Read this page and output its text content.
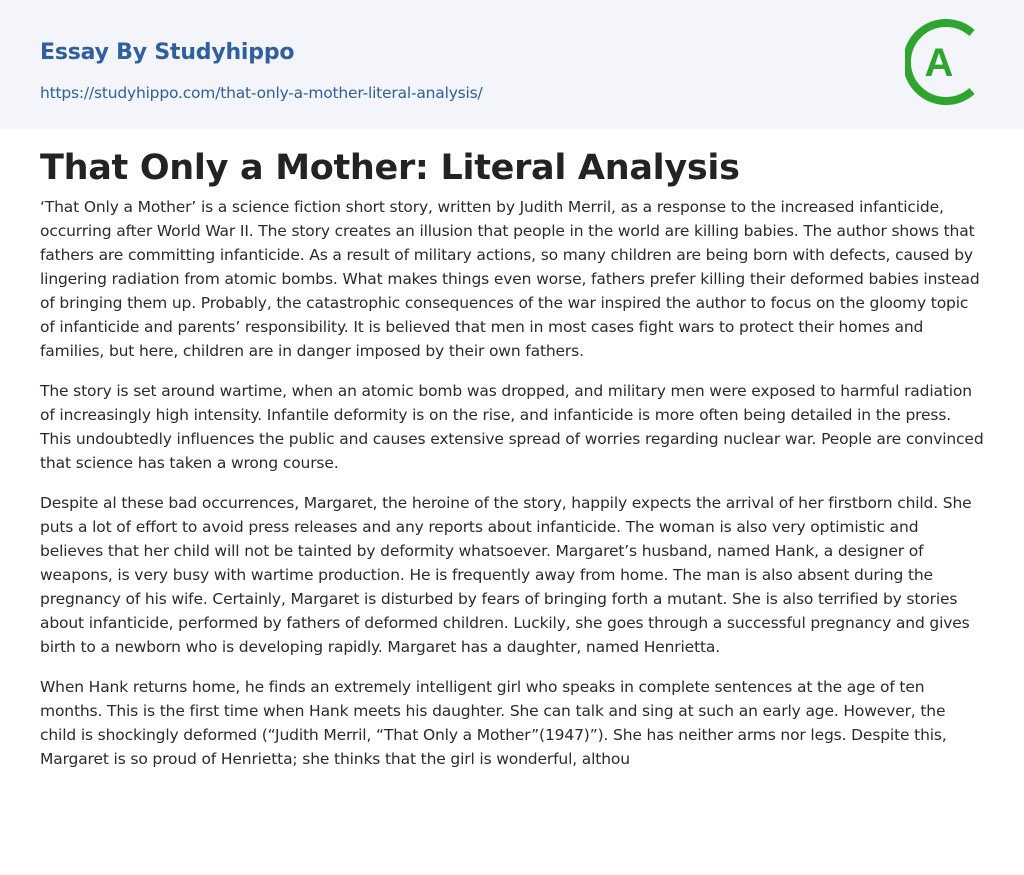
Essay By Studyhippo
https://studyhippo.com/that-only-a-mother-literal-analysis/
A
That Only a Mother: Literal Analysis

‘That Only a Mother’ is a science fiction short story, written by Judith Merril, as a response to the increased infanticide, occurring after World War II. The story creates an illusion that people in the world are killing babies. The author shows that fathers are committing infanticide. As a result of military actions, so many children are being born with defects, caused by lingering radiation from atomic bombs. What makes things even worse, fathers prefer killing their deformed babies instead of bringing them up. Probably, the catastrophic consequences of the war inspired the author to focus on the gloomy topic of infanticide and parents’ responsibility. It is believed that men in most cases fight wars to protect their homes and families, but here, children are in danger imposed by their own fathers.

The story is set around wartime, when an atomic bomb was dropped, and military men were exposed to harmful radiation of increasingly high intensity. Infantile deformity is on the rise, and infanticide is more often being detailed in the press. This undoubtedly influences the public and causes extensive spread of worries regarding nuclear war. People are convinced that science has taken a wrong course.

Despite al these bad occurrences, Margaret, the heroine of the story, happily expects the arrival of her firstborn child. She puts a lot of effort to avoid press releases and any reports about infanticide. The woman is also very optimistic and believes that her child will not be tainted by deformity whatsoever. Margaret’s husband, named Hank, a designer of weapons, is very busy with wartime production. He is frequently away from home. The man is also absent during the pregnancy of his wife. Certainly, Margaret is disturbed by fears of bringing forth a mutant. She is also terrified by stories about infanticide, performed by fathers of deformed children. Luckily, she goes through a successful pregnancy and gives birth to a newborn who is developing rapidly. Margaret has a daughter, named Henrietta.

When Hank returns home, he finds an extremely intelligent girl who speaks in complete sentences at the age of ten months. This is the first time when Hank meets his daughter. She can talk and sing at such an early age. However, the child is shockingly deformed (“Judith Merril, “That Only a Mother”(1947)”). She has neither arms nor legs. Despite this, Margaret is so proud of Henrietta; she thinks that the girl is wonderful, althou
